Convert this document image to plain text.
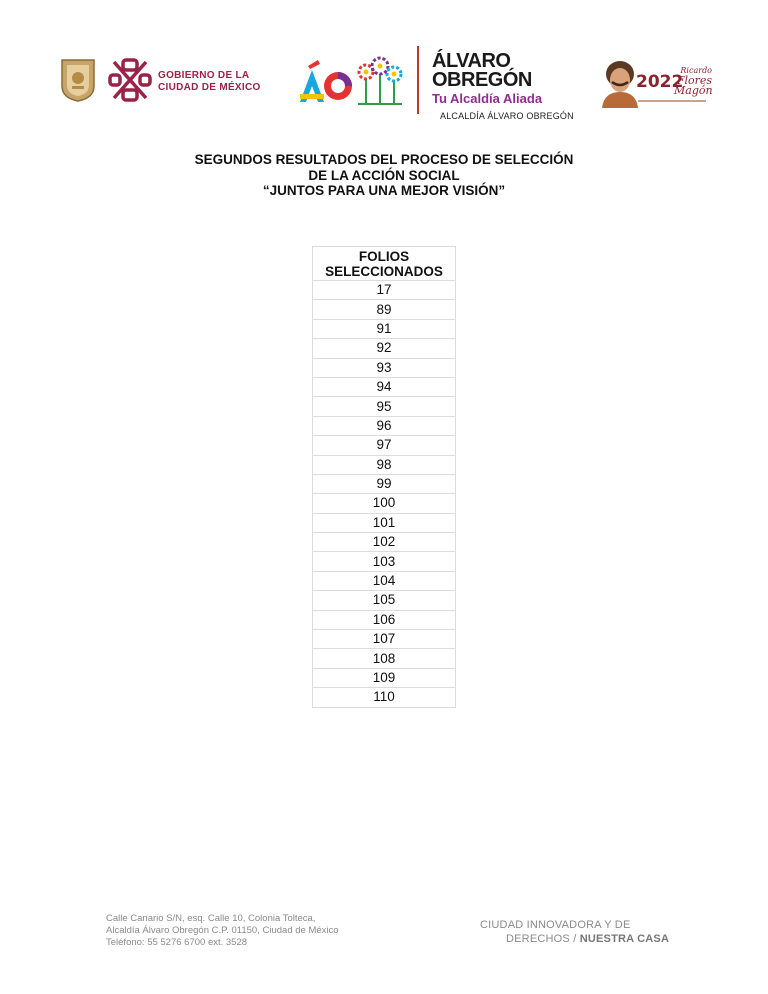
GOBIERNO DE LA
CIUDAD DE MÉXICO
ÁLVARO
OBREGÓN
Tu Alcaldía Aliada
ALCALDÍA ÁLVARO OBREGÓN
2022
Ricardo
Flores
Magón
SEGUNDOS RESULTADOS DEL PROCESO DE SELECCIÓN
DE LA ACCIÓN SOCIAL
“JUNTOS PARA UNA MEJOR VISIÓN”
FOLIOS
SELECCIONADOS

17
89
91
92
93
94
95
96
97
98
99
100
101
102
103
104
105
106
107
108
109
110
Calle Canario S/N, esq. Calle 10, Colonia Tolteca,
Alcaldía Álvaro Obregón C.P. 01150, Ciudad de México
Teléfono: 55 5276 6700 ext. 3528
CIUDAD INNOVADORA Y DE
DERECHOS / NUESTRA CASA
